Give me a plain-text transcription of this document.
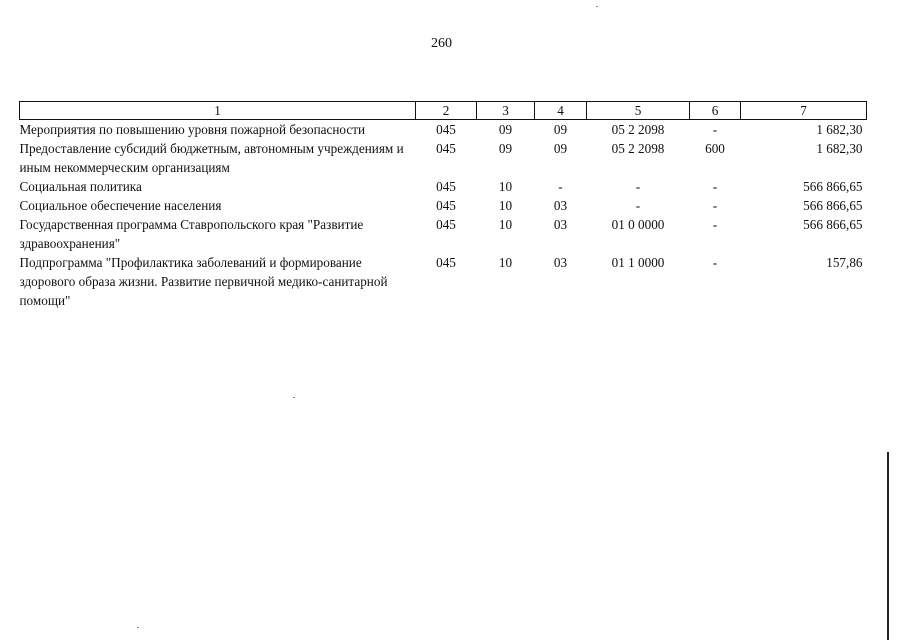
260
1	2	3	4	5	6	7
Мероприятия по повышению уровня пожарной безопасности	045	09	09	05 2 2098	-	1 682,30
Предоставление субсидий бюджетным, автономным учреждениям и иным некоммерческим организациям	045	09	09	05 2 2098	600	1 682,30
Социальная политика	045	10	-	-	-	566 866,65
Социальное обеспечение населения	045	10	03	-	-	566 866,65
Государственная программа Ставропольского края "Развитие здравоохранения"	045	10	03	01 0 0000	-	566 866,65
Подпрограмма "Профилактика заболеваний и формирование здорового образа жизни. Развитие первичной медико-санитарной помощи"	045	10	03	01 1 0000	-	157,86
